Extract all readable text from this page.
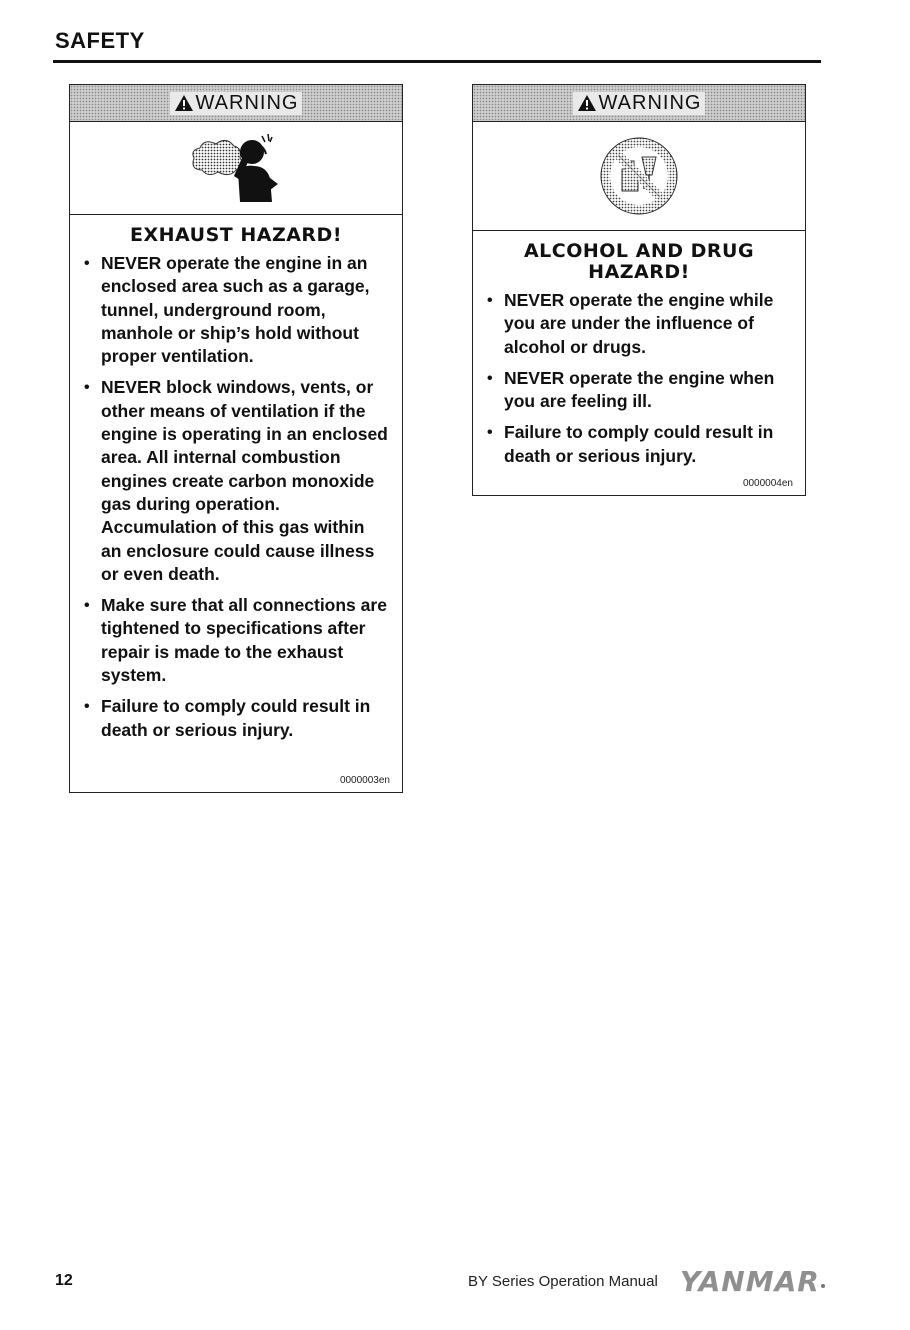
SAFETY
WARNING
EXHAUST HAZARD!
• NEVER operate the engine in an enclosed area such as a garage, tunnel, underground room, manhole or ship’s hold without proper ventilation.
• NEVER block windows, vents, or other means of ventilation if the engine is operating in an enclosed area. All internal combustion engines create carbon monoxide gas during operation. Accumulation of this gas within an enclosure could cause illness or even death.
• Make sure that all connections are tightened to specifications after repair is made to the exhaust system.
• Failure to comply could result in death or serious injury.
0000003en
WARNING
ALCOHOL AND DRUG HAZARD!
• NEVER operate the engine while you are under the influence of alcohol or drugs.
• NEVER operate the engine when you are feeling ill.
• Failure to comply could result in death or serious injury.
0000004en
12	BY Series Operation Manual YANMAR
